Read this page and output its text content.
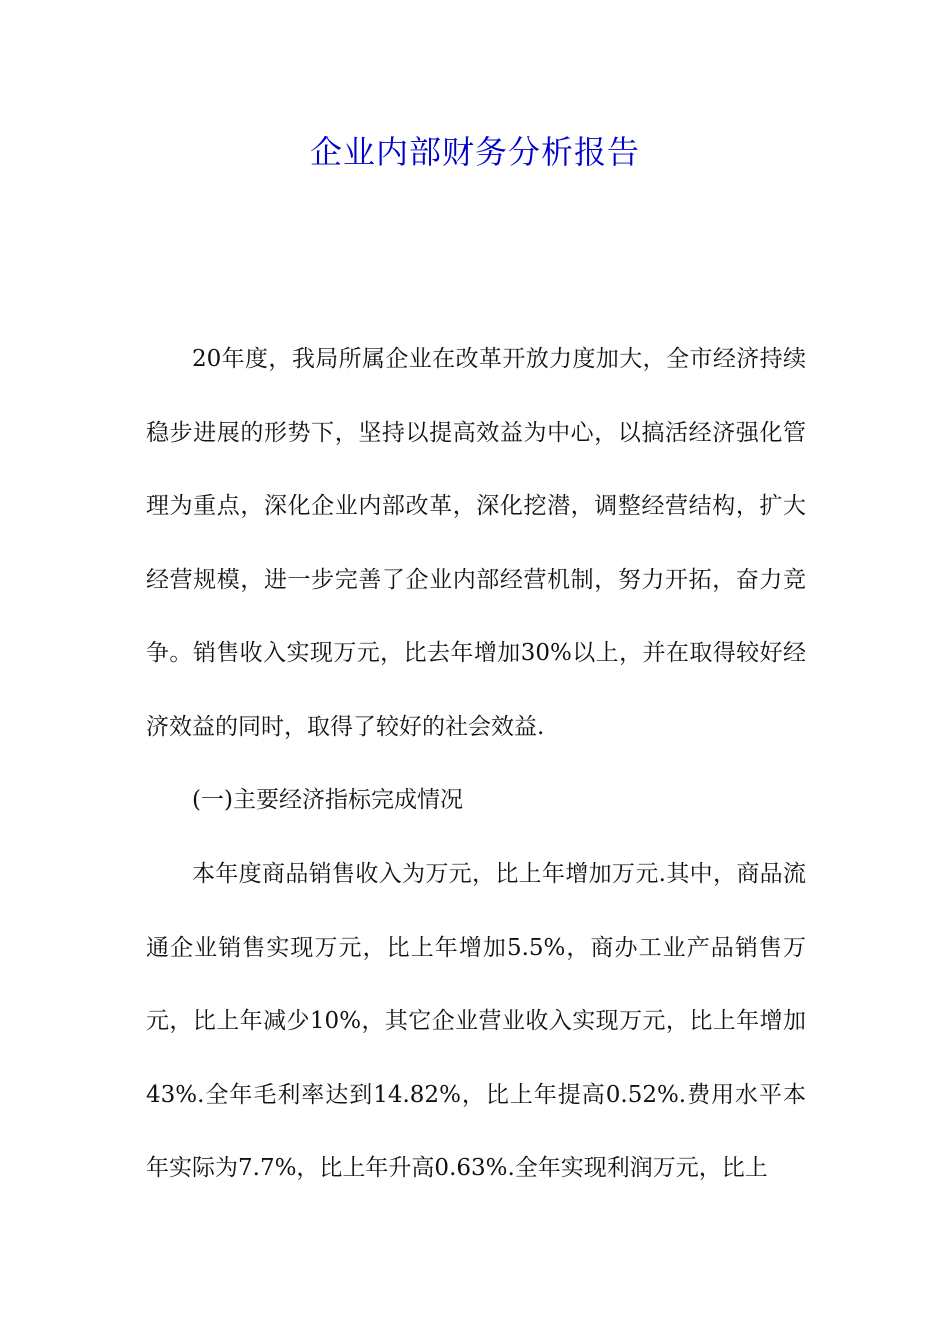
企业内部财务分析报告

20年度，我局所属企业在改革开放力度加大，全市经济持续稳步进展的形势下，坚持以提高效益为中心，以搞活经济强化管理为重点，深化企业内部改革，深化挖潜，调整经营结构，扩大经营规模，进一步完善了企业内部经营机制，努力开拓，奋力竞争。销售收入实现万元，比去年增加30%以上，并在取得较好经济效益的同时，取得了较好的社会效益.

(一)主要经济指标完成情况

本年度商品销售收入为万元，比上年增加万元.其中，商品流通企业销售实现万元，比上年增加5.5%，商办工业产品销售万元，比上年减少10%，其它企业营业收入实现万元，比上年增加43%.全年毛利率达到14.82%，比上年提高0.52%.费用水平本年实际为7.7%，比上年升高0.63%.全年实现利润万元，比上
